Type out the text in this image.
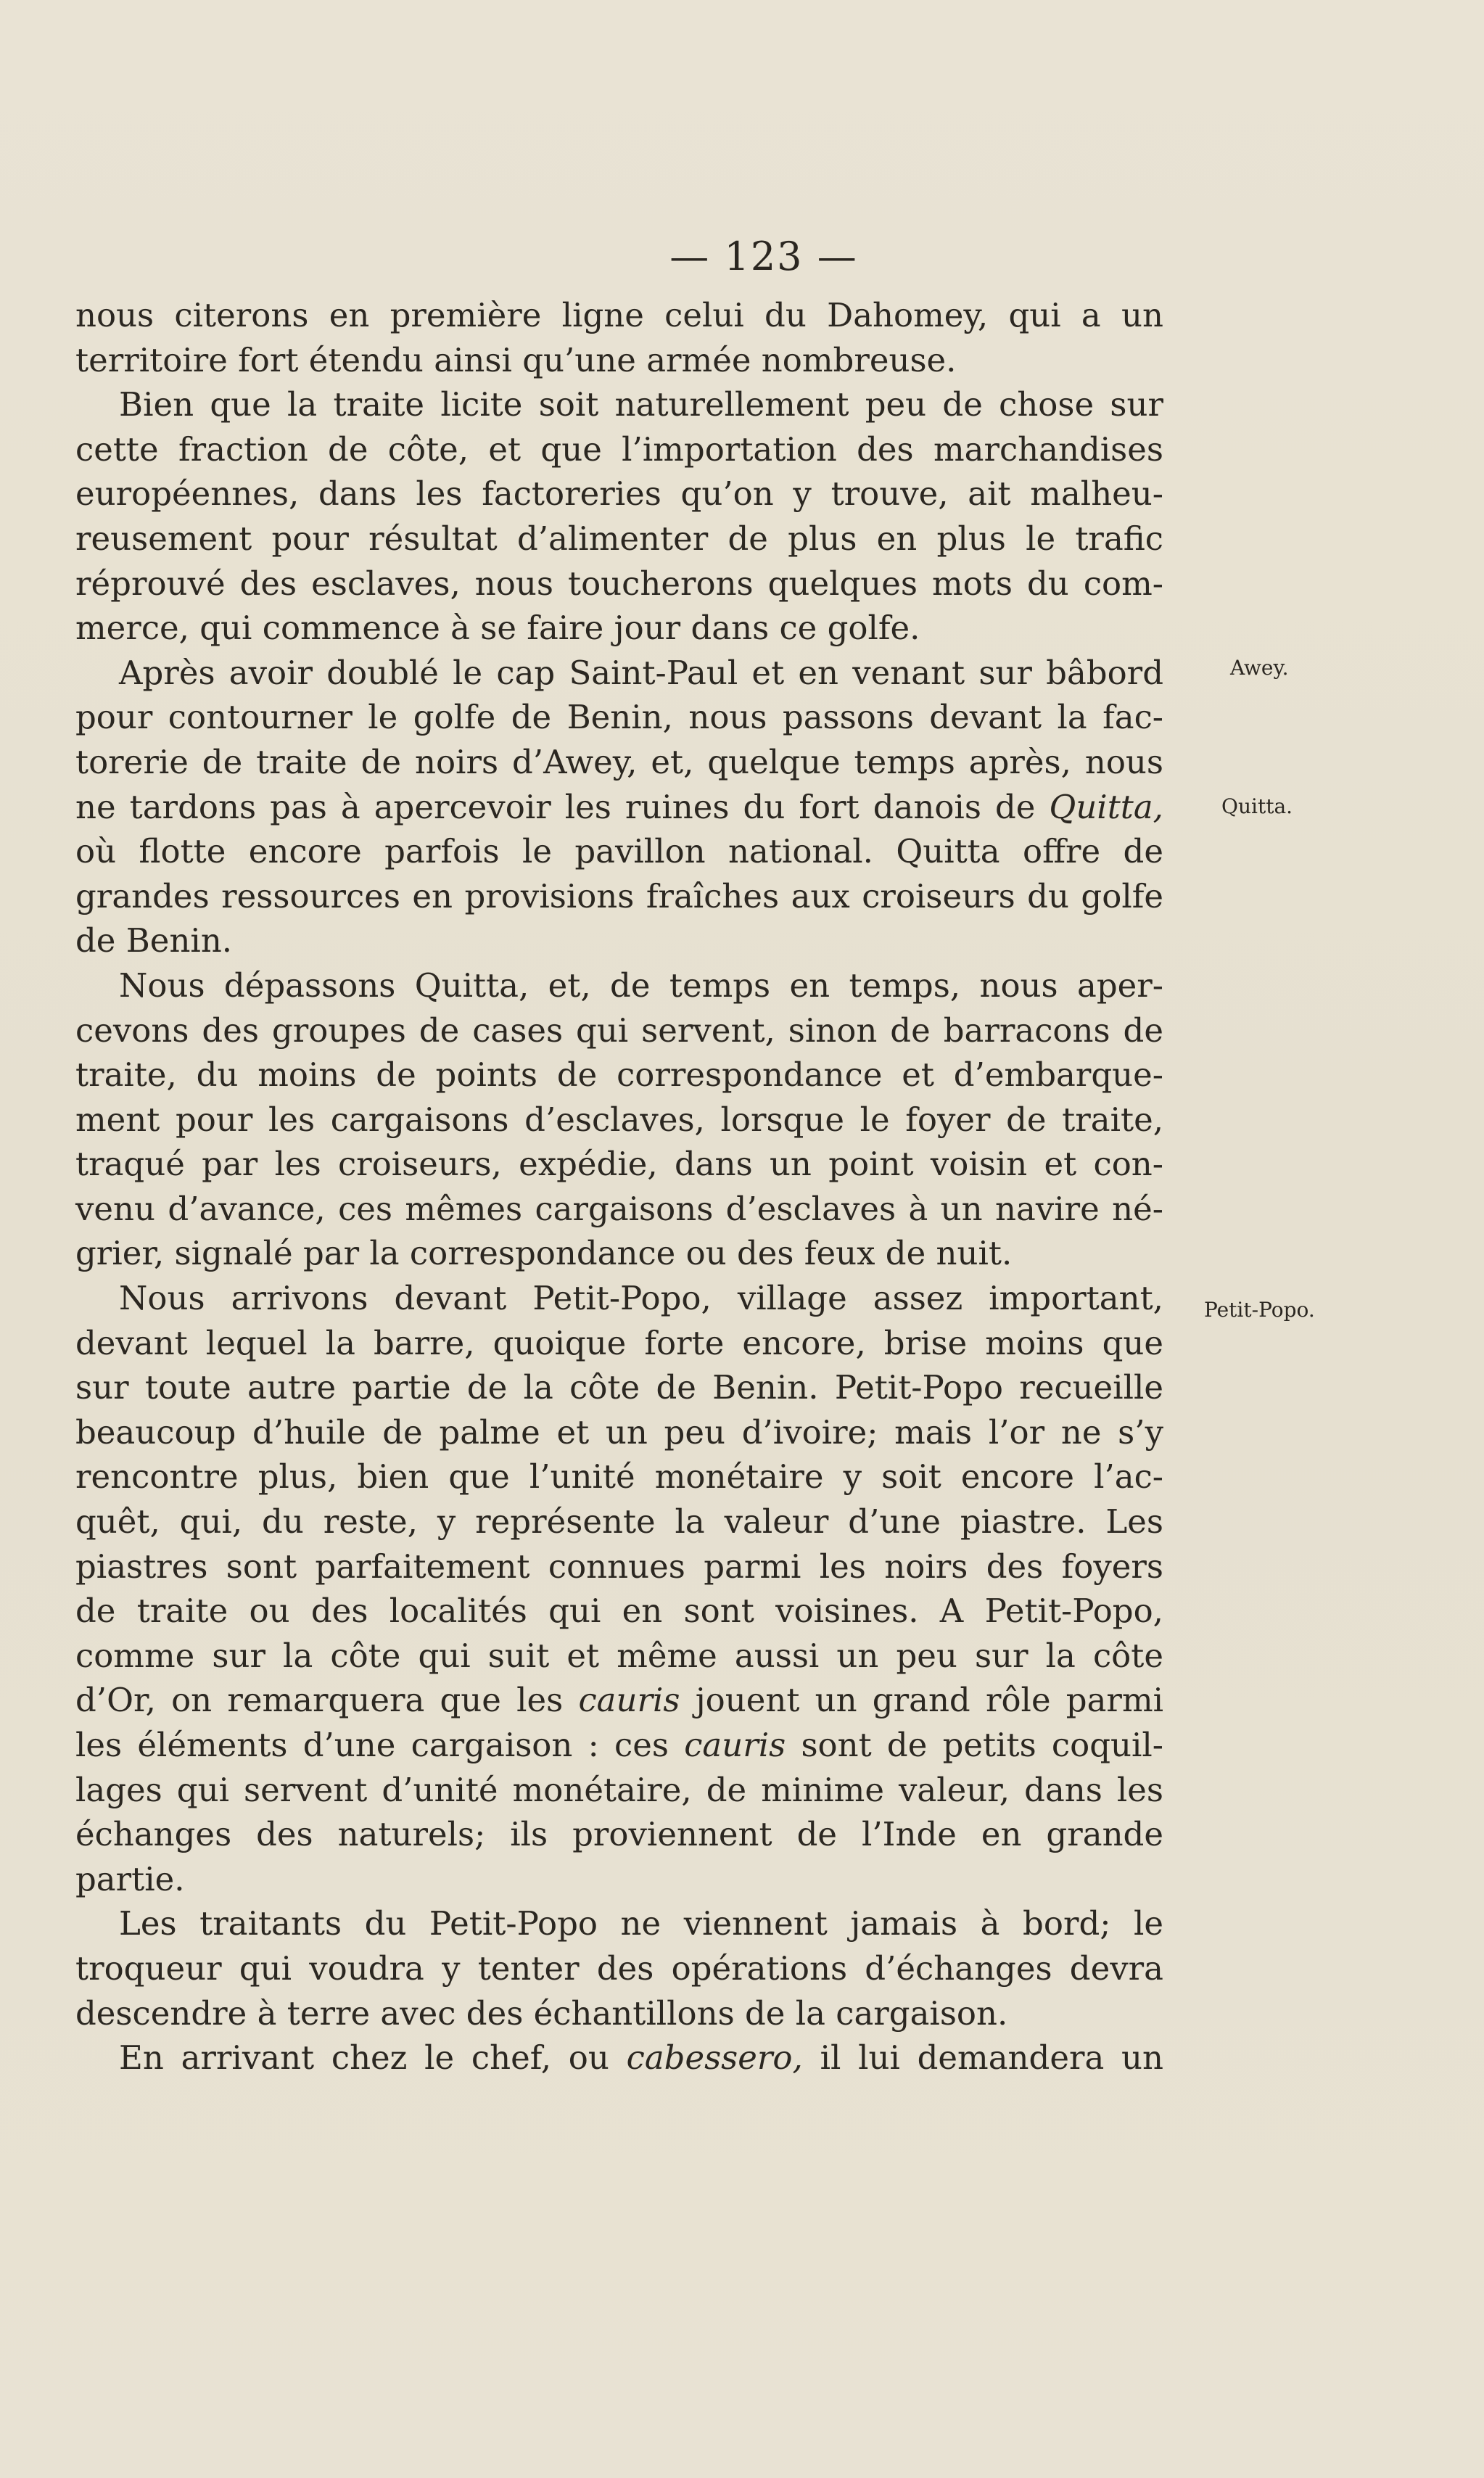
— 123 —
nous citerons en première ligne celui du Dahomey, qui a un
territoire fort étendu ainsi qu’une armée nombreuse.
Bien que la traite licite soit naturellement peu de chose sur
cette fraction de côte, et que l’importation des marchandises
européennes, dans les factoreries qu’on y trouve, ait malheu-
reusement pour résultat d’alimenter de plus en plus le trafic
réprouvé des esclaves, nous toucherons quelques mots du com-
merce, qui commence à se faire jour dans ce golfe.
Après avoir doublé le cap Saint-Paul et en venant sur bâbord
pour contourner le golfe de Benin, nous passons devant la fac-
torerie de traite de noirs d’Awey, et, quelque temps après, nous
ne tardons pas à apercevoir les ruines du fort danois de Quitta,
où flotte encore parfois le pavillon national. Quitta offre de
grandes ressources en provisions fraîches aux croiseurs du golfe
de Benin.
Nous dépassons Quitta, et, de temps en temps, nous aper-
cevons des groupes de cases qui servent, sinon de barracons de
traite, du moins de points de correspondance et d’embarque-
ment pour les cargaisons d’esclaves, lorsque le foyer de traite,
traqué par les croiseurs, expédie, dans un point voisin et con-
venu d’avance, ces mêmes cargaisons d’esclaves à un navire né-
grier, signalé par la correspondance ou des feux de nuit.
Nous arrivons devant Petit-Popo, village assez important,
devant lequel la barre, quoique forte encore, brise moins que
sur toute autre partie de la côte de Benin. Petit-Popo recueille
beaucoup d’huile de palme et un peu d’ivoire; mais l’or ne s’y
rencontre plus, bien que l’unité monétaire y soit encore l’ac-
quêt, qui, du reste, y représente la valeur d’une piastre. Les
piastres sont parfaitement connues parmi les noirs des foyers
de traite ou des localités qui en sont voisines. A Petit-Popo,
comme sur la côte qui suit et même aussi un peu sur la côte
d’Or, on remarquera que les cauris jouent un grand rôle parmi
les éléments d’une cargaison : ces cauris sont de petits coquil-
lages qui servent d’unité monétaire, de minime valeur, dans les
échanges des naturels; ils proviennent de l’Inde en grande
partie.
Les traitants du Petit-Popo ne viennent jamais à bord; le
troqueur qui voudra y tenter des opérations d’échanges devra
descendre à terre avec des échantillons de la cargaison.
En arrivant chez le chef, ou cabessero, il lui demandera un
Awey.
Quitta.
Petit-Popo.
